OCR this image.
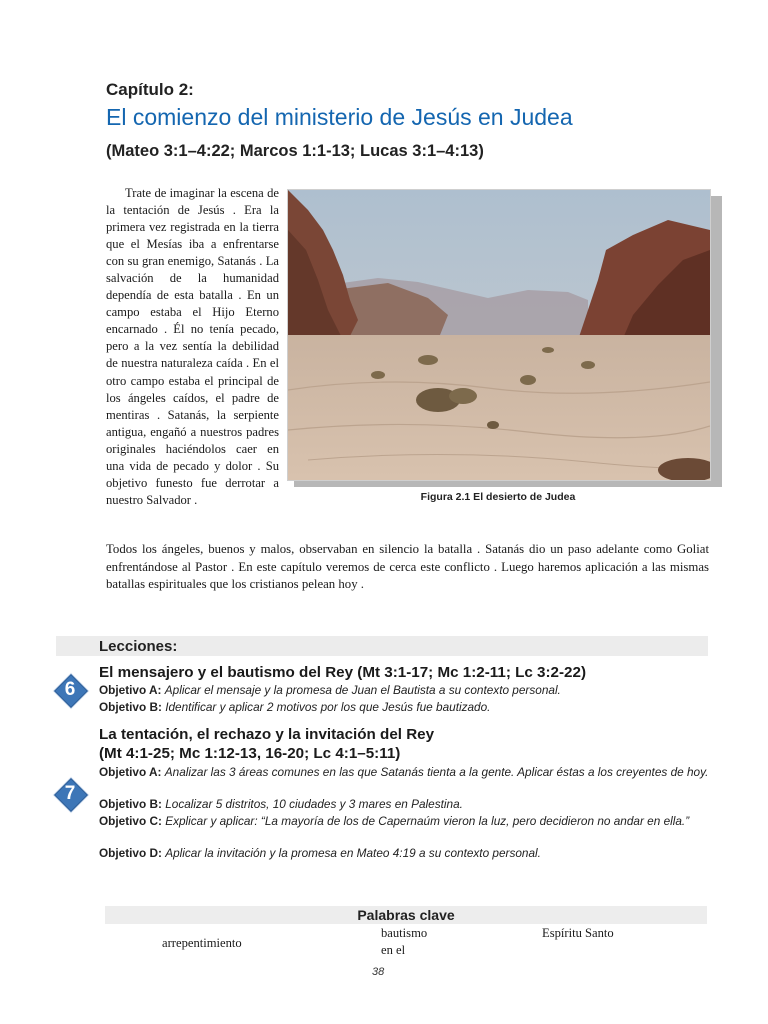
Capítulo 2:
El comienzo del ministerio de Jesús en Judea
(Mateo 3:1–4:22; Marcos 1:1-13; Lucas 3:1–4:13)
Trate de imaginar la escena de la tentación de Jesús . Era la primera vez registrada en la tierra que el Mesías iba a enfrentarse con su gran enemigo, Satanás . La salvación de la humanidad dependía de esta batalla . En un campo estaba el Hijo Eterno encarnado . Él no tenía pecado, pero a la vez sentía la debilidad de nuestra naturaleza caída . En el otro campo estaba el principal de los ángeles caídos, el padre de mentiras . Satanás, la serpiente antigua, engañó a nuestros padres originales haciéndolos caer en una vida de pecado y dolor . Su objetivo funesto fue derrotar a nuestro Salvador .	Figura 2.1 El desierto de Judea
Todos los ángeles, buenos y malos, observaban en silencio la batalla . Satanás dio un paso adelante como Goliat enfrentándose al Pastor . En este capítulo veremos de cerca este conflicto . Luego haremos aplicación a las mismas batallas espirituales que los cristianos pelean hoy .
Lecciones:
6
El mensajero y el bautismo del Rey (Mt 3:1-17; Mc 1:2-11; Lc 3:2-22)
Objetivo A: Aplicar el mensaje y la promesa de Juan el Bautista a su contexto personal.
Objetivo B: Identificar y aplicar 2 motivos por los que Jesús fue bautizado.
7
La tentación, el rechazo y la invitación del Rey
(Mt 4:1-25; Mc 1:12-13, 16-20; Lc 4:1–5:11)
Objetivo A: Analizar las 3 áreas comunes en las que Satanás tienta a la gente. Aplicar éstas a los creyentes de hoy.
Objetivo B: Localizar 5 distritos, 10 ciudades y 3 mares en Palestina.
Objetivo C: Explicar y aplicar: “La mayoría de los de Capernaúm vieron la luz, pero decidieron no andar en ella.”
Objetivo D: Aplicar la invitación y la promesa en Mateo 4:19 a su contexto personal.
Palabras clave
arrepentimiento
bautismo
en el
Espíritu Santo
38
